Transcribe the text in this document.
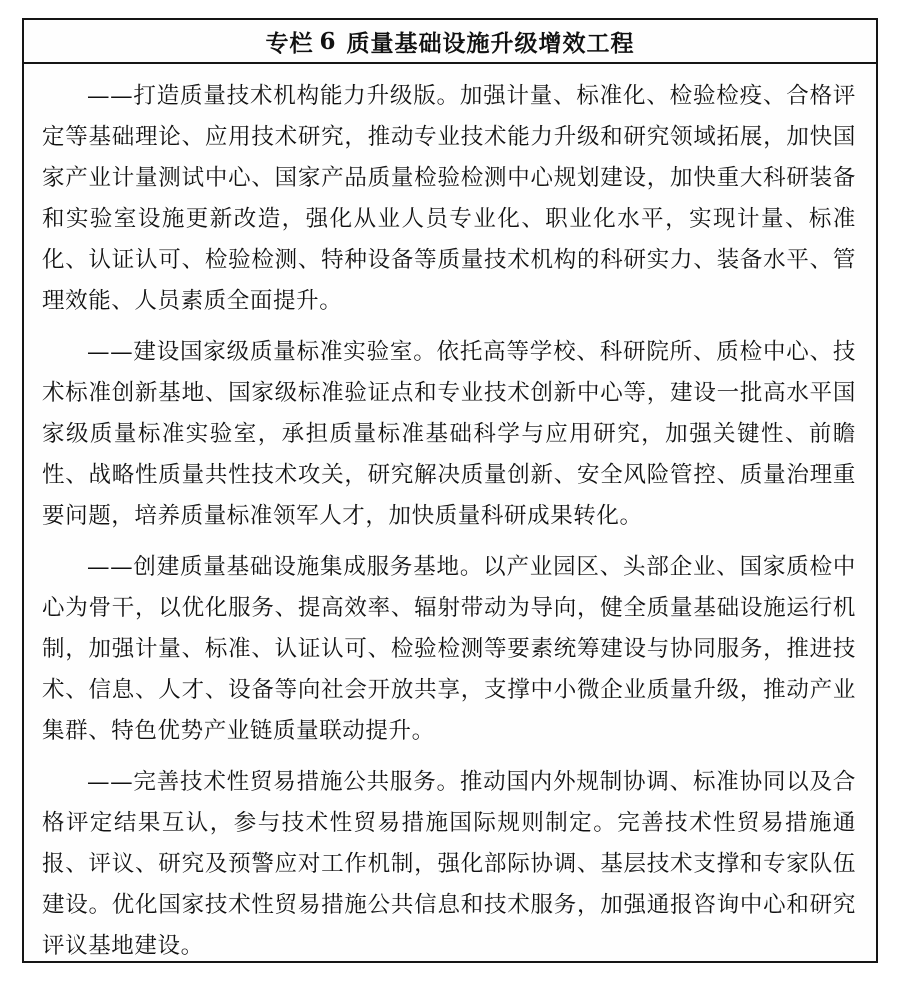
专栏 6 质量基础设施升级增效工程

——打造质量技术机构能力升级版。加强计量、标准化、检验检疫、合格评定等基础理论、应用技术研究，推动专业技术能力升级和研究领域拓展，加快国家产业计量测试中心、国家产品质量检验检测中心规划建设，加快重大科研装备和实验室设施更新改造，强化从业人员专业化、职业化水平，实现计量、标准化、认证认可、检验检测、特种设备等质量技术机构的科研实力、装备水平、管理效能、人员素质全面提升。

——建设国家级质量标准实验室。依托高等学校、科研院所、质检中心、技术标准创新基地、国家级标准验证点和专业技术创新中心等，建设一批高水平国家级质量标准实验室，承担质量标准基础科学与应用研究，加强关键性、前瞻性、战略性质量共性技术攻关，研究解决质量创新、安全风险管控、质量治理重要问题，培养质量标准领军人才，加快质量科研成果转化。

——创建质量基础设施集成服务基地。以产业园区、头部企业、国家质检中心为骨干，以优化服务、提高效率、辐射带动为导向，健全质量基础设施运行机制，加强计量、标准、认证认可、检验检测等要素统筹建设与协同服务，推进技术、信息、人才、设备等向社会开放共享，支撑中小微企业质量升级，推动产业集群、特色优势产业链质量联动提升。

——完善技术性贸易措施公共服务。推动国内外规制协调、标准协同以及合格评定结果互认，参与技术性贸易措施国际规则制定。完善技术性贸易措施通报、评议、研究及预警应对工作机制，强化部际协调、基层技术支撑和专家队伍建设。优化国家技术性贸易措施公共信息和技术服务，加强通报咨询中心和研究评议基地建设。
